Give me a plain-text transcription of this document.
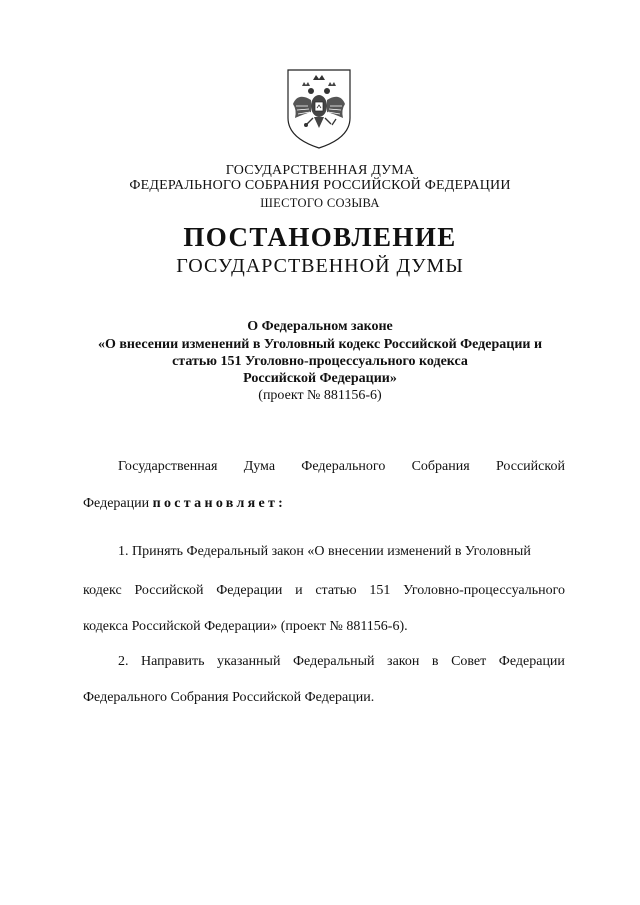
ГОСУДАРСТВЕННАЯ ДУМА
ФЕДЕРАЛЬНОГО СОБРАНИЯ РОССИЙСКОЙ ФЕДЕРАЦИИ
ШЕСТОГО СОЗЫВА
ПОСТАНОВЛЕНИЕ
ГОСУДАРСТВЕННОЙ ДУМЫ
О Федеральном законе
«О внесении изменений в Уголовный кодекс Российской Федерации и
статью 151 Уголовно-процессуального кодекса
Российской Федерации»
(проект № 881156-6)
Государственная Дума Федерального Собрания Российской
Федерации постановляет:
1. Принять Федеральный закон «О внесении изменений в Уголовный
кодекс Российской Федерации и статью 151 Уголовно-процессуального
кодекса Российской Федерации» (проект № 881156-6).
2. Направить указанный Федеральный закон в Совет Федерации
Федерального Собрания Российской Федерации.
